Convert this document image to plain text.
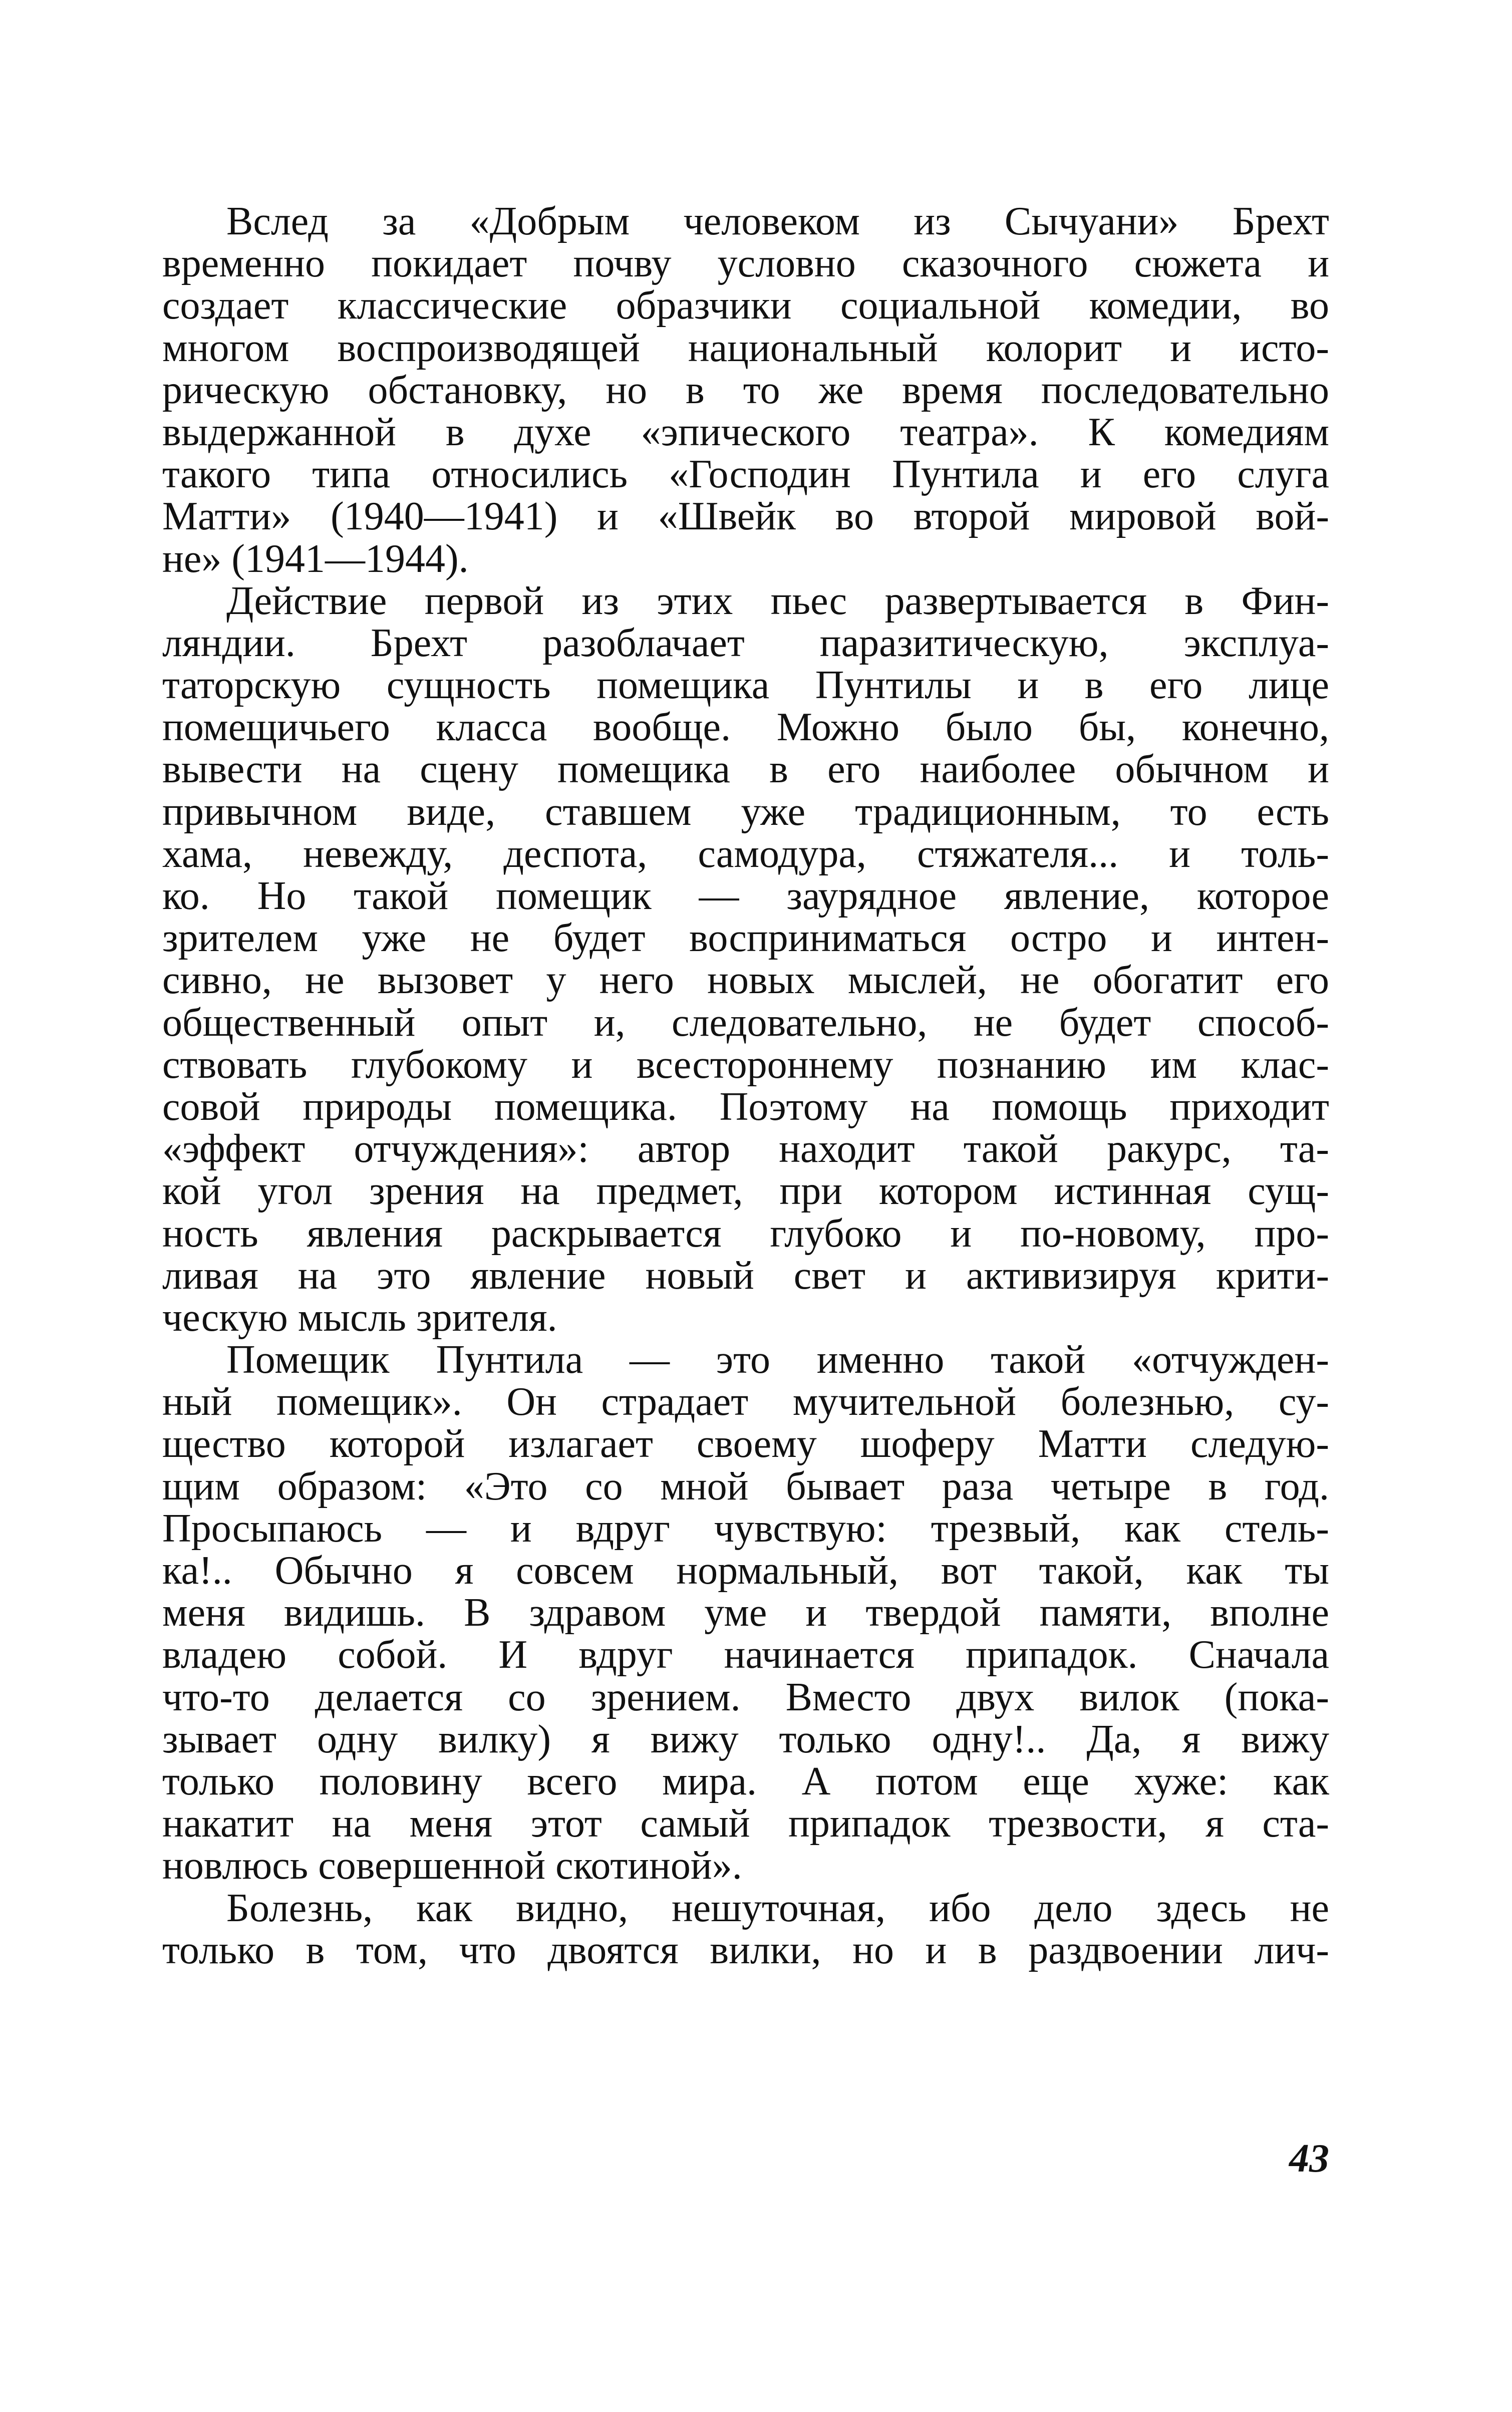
Вслед за «Добрым человеком из Сычуани» Брехт
временно покидает почву условно сказочного сюжета и
создает классические образчики социальной комедии, во
многом воспроизводящей национальный колорит и исто-
рическую обстановку, но в то же время последовательно
выдержанной в духе «эпического театра». К комедиям
такого типа относились «Господин Пунтила и его слуга
Матти» (1940—1941) и «Швейк во второй мировой вой-
не» (1941—1944).
Действие первой из этих пьес развертывается в Фин-
ляндии. Брехт разоблачает паразитическую, эксплуа-
таторскую сущность помещика Пунтилы и в его лице
помещичьего класса вообще. Можно было бы, конечно,
вывести на сцену помещика в его наиболее обычном и
привычном виде, ставшем уже традиционным, то есть
хама, невежду, деспота, самодура, стяжателя... и толь-
ко. Но такой помещик — заурядное явление, которое
зрителем уже не будет восприниматься остро и интен-
сивно, не вызовет у него новых мыслей, не обогатит его
общественный опыт и, следовательно, не будет способ-
ствовать глубокому и всестороннему познанию им клас-
совой природы помещика. Поэтому на помощь приходит
«эффект отчуждения»: автор находит такой ракурс, та-
кой угол зрения на предмет, при котором истинная сущ-
ность явления раскрывается глубоко и по-новому, про-
ливая на это явление новый свет и активизируя крити-
ческую мысль зрителя.
Помещик Пунтила — это именно такой «отчужден-
ный помещик». Он страдает мучительной болезнью, су-
щество которой излагает своему шоферу Матти следую-
щим образом: «Это со мной бывает раза четыре в год.
Просыпаюсь — и вдруг чувствую: трезвый, как стель-
ка!.. Обычно я совсем нормальный, вот такой, как ты
меня видишь. В здравом уме и твердой памяти, вполне
владею собой. И вдруг начинается припадок. Сначала
что-то делается со зрением. Вместо двух вилок (пока-
зывает одну вилку) я вижу только одну!.. Да, я вижу
только половину всего мира. А потом еще хуже: как
накатит на меня этот самый припадок трезвости, я ста-
новлюсь совершенной скотиной».
Болезнь, как видно, нешуточная, ибо дело здесь не
только в том, что двоятся вилки, но и в раздвоении лич-
43
